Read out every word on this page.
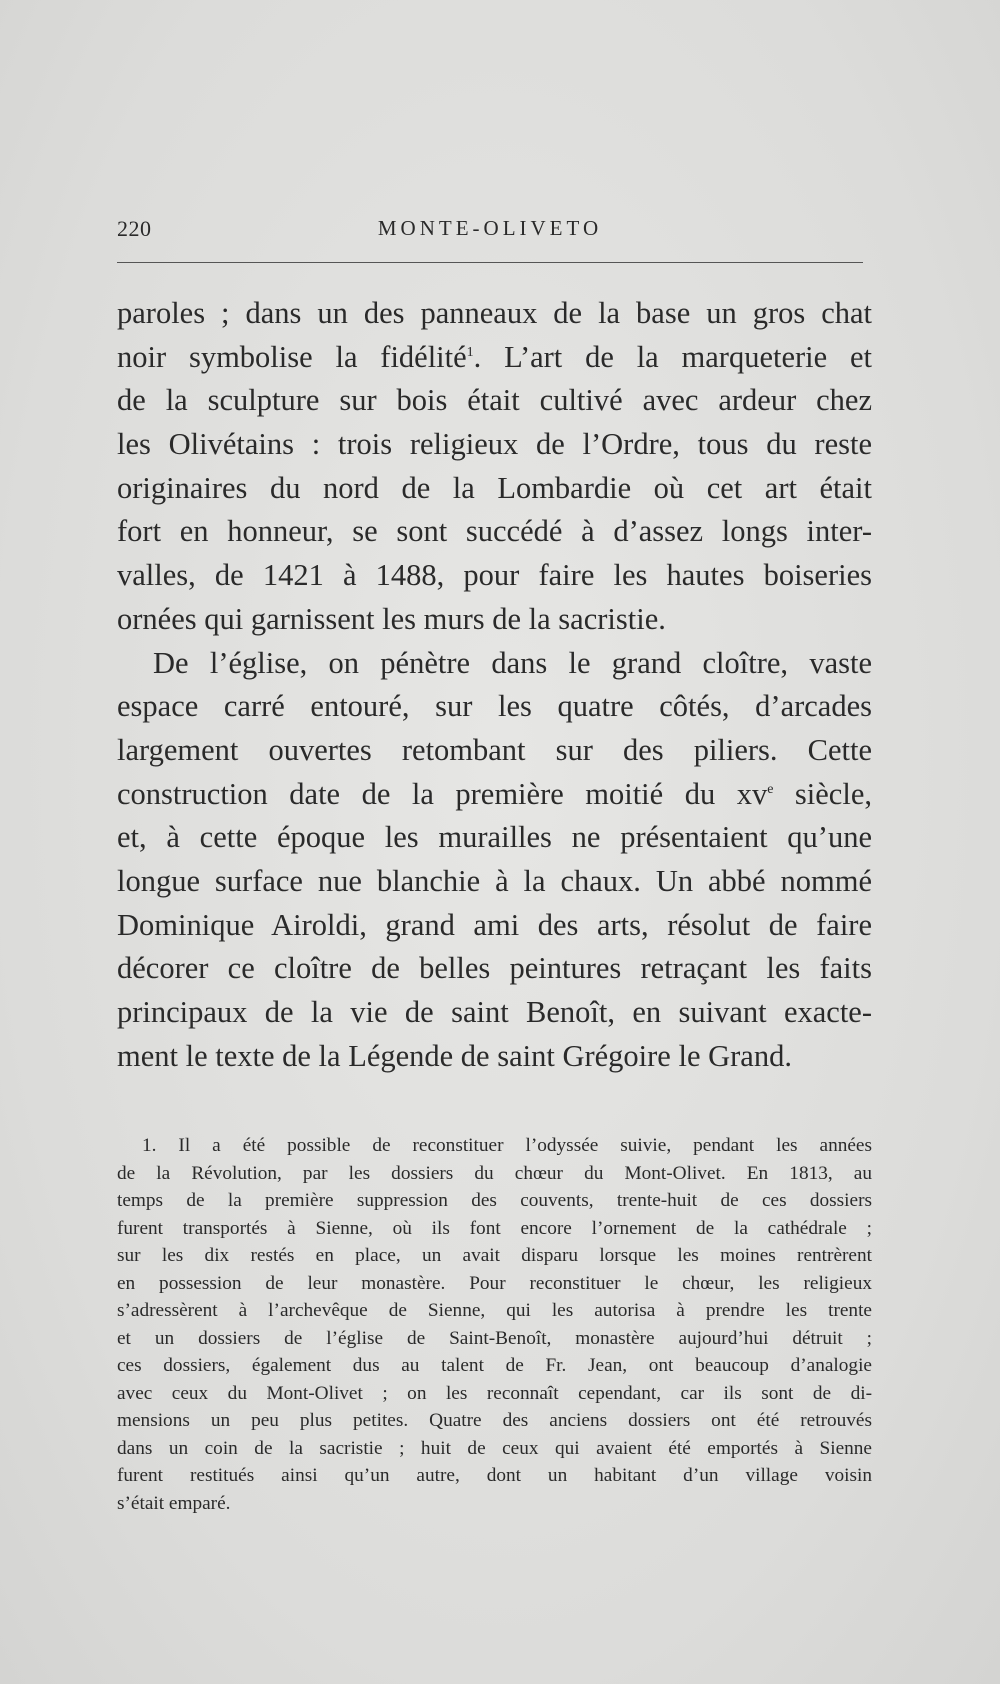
220	MONTE-OLIVETO
paroles ; dans un des panneaux de la base un gros chat
noir symbolise la fidélité$^1$. L’art de la marqueterie et
de la sculpture sur bois était cultivé avec ardeur chez
les Olivétains : trois religieux de l’Ordre, tous du reste
originaires du nord de la Lombardie où cet art était
fort en honneur, se sont succédé à d’assez longs inter-
valles, de 1421 à 1488, pour faire les hautes boiseries
ornées qui garnissent les murs de la sacristie.
De l’église, on pénètre dans le grand cloître, vaste
espace carré entouré, sur les quatre côtés, d’arcades
largement ouvertes retombant sur des piliers. Cette
construction date de la première moitié du $xv^e$ siècle,
et, à cette époque les murailles ne présentaient qu’une
longue surface nue blanchie à la chaux. Un abbé nommé
Dominique Airoldi, grand ami des arts, résolut de faire
décorer ce cloître de belles peintures retraçant les faits
principaux de la vie de saint Benoît, en suivant exacte-
ment le texte de la Légende de saint Grégoire le Grand.
1. Il a été possible de reconstituer l’odyssée suivie, pendant les années
de la Révolution, par les dossiers du chœur du Mont-Olivet. En 1813, au
temps de la première suppression des couvents, trente-huit de ces dossiers
furent transportés à Sienne, où ils font encore l’ornement de la cathédrale ;
sur les dix restés en place, un avait disparu lorsque les moines rentrèrent
en possession de leur monastère. Pour reconstituer le chœur, les religieux
s’adressèrent à l’archevêque de Sienne, qui les autorisa à prendre les trente
et un dossiers de l’église de Saint-Benoît, monastère aujourd’hui détruit ;
ces dossiers, également dus au talent de Fr. Jean, ont beaucoup d’analogie
avec ceux du Mont-Olivet ; on les reconnaît cependant, car ils sont de di-
mensions un peu plus petites. Quatre des anciens dossiers ont été retrouvés
dans un coin de la sacristie ; huit de ceux qui avaient été emportés à Sienne
furent restitués ainsi qu’un autre, dont un habitant d’un village voisin
s’était emparé.
